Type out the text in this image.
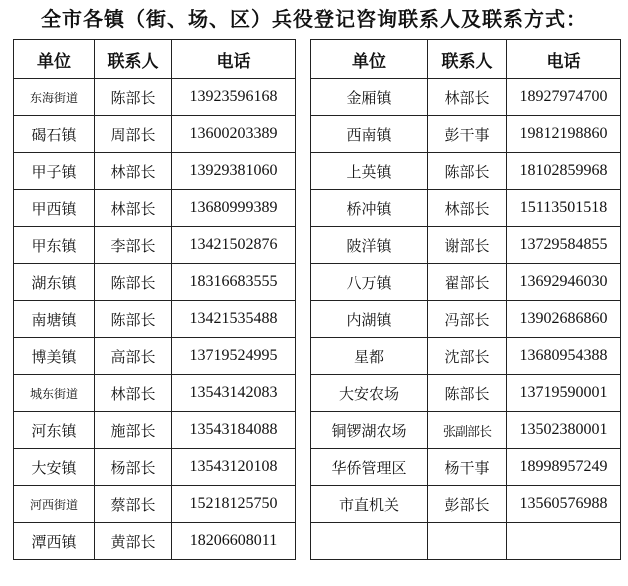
全市各镇（街、场、区）兵役登记咨询联系人及联系方式：
单位	联系人	电话
东海街道	陈部长	13923596168
碣石镇	周部长	13600203389
甲子镇	林部长	13929381060
甲西镇	林部长	13680999389
甲东镇	李部长	13421502876
湖东镇	陈部长	18316683555
南塘镇	陈部长	13421535488
博美镇	高部长	13719524995
城东街道	林部长	13543142083
河东镇	施部长	13543184088
大安镇	杨部长	13543120108
河西街道	蔡部长	15218125750
潭西镇	黄部长	18206608011
单位	联系人	电话
金厢镇	林部长	18927974700
西南镇	彭干事	19812198860
上英镇	陈部长	18102859968
桥冲镇	林部长	15113501518
陂洋镇	谢部长	13729584855
八万镇	翟部长	13692946030
内湖镇	冯部长	13902686860
星都	沈部长	13680954388
大安农场	陈部长	13719590001
铜锣湖农场	张副部长	13502380001
华侨管理区	杨干事	18998957249
市直机关	彭部长	13560576988
